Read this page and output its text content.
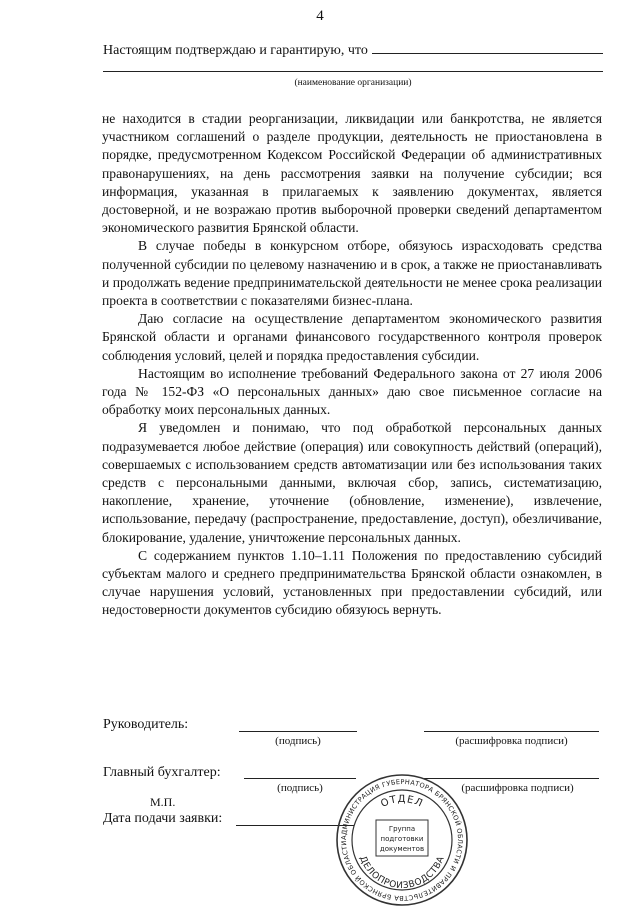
4
Настоящим подтверждаю и гарантирую, что
(наименование организации)

не находится в стадии реорганизации, ликвидации или банкротства, не является участником соглашений о разделе продукции, деятельность не приостановлена в порядке, предусмотренном Кодексом Российской Федерации об административных правонарушениях, на день рассмотрения заявки на получение субсидии; вся информация, указанная в прилагаемых к заявлению документах, является достоверной, и не возражаю против выборочной проверки сведений департаментом экономического развития Брянской области.

В случае победы в конкурсном отборе, обязуюсь израсходовать средства полученной субсидии по целевому назначению и в срок, а также не приостанавливать и продолжать ведение предпринимательской деятельности не менее срока реализации проекта в соответствии с показателями бизнес-плана.

Даю согласие на осуществление департаментом экономического развития Брянской области и органами финансового государственного контроля проверок соблюдения условий, целей и порядка предоставления субсидии.

Настоящим во исполнение требований Федерального закона от 27 июля 2006 года № 152-ФЗ «О персональных данных» даю свое письменное согласие на обработку моих персональных данных.

Я уведомлен и понимаю, что под обработкой персональных данных подразумевается любое действие (операция) или совокупность действий (операций), совершаемых с использованием средств автоматизации или без использования таких средств с персональными данными, включая сбор, запись, систематизацию, накопление, хранение, уточнение (обновление, изменение), извлечение, использование, передачу (распространение, предоставление, доступ), обезличивание, блокирование, удаление, уничтожение персональных данных.

С содержанием пунктов 1.10–1.11 Положения по предоставлению субсидий субъектам малого и среднего предпринимательства Брянской области ознакомлен, в случае нарушения условий, установленных при предоставлении субсидий, или недостоверности документов субсидию обязуюсь вернуть.

Руководитель:
(подпись)	(расшифровка подписи)
Главный бухгалтер:
(подпись)	(расшифровка подписи)
М.П.
Дата подачи заявки:
АДМИНИСТРАЦИЯ ГУБЕРНАТОРА БРЯНСКОЙ ОБЛАСТИ И ПРАВИТЕЛЬСТВА БРЯНСКОЙ ОБЛАСТИ
ОТДЕЛ
ДЕЛОПРОИЗВОДСТВА
Группа
подготовки
документов
